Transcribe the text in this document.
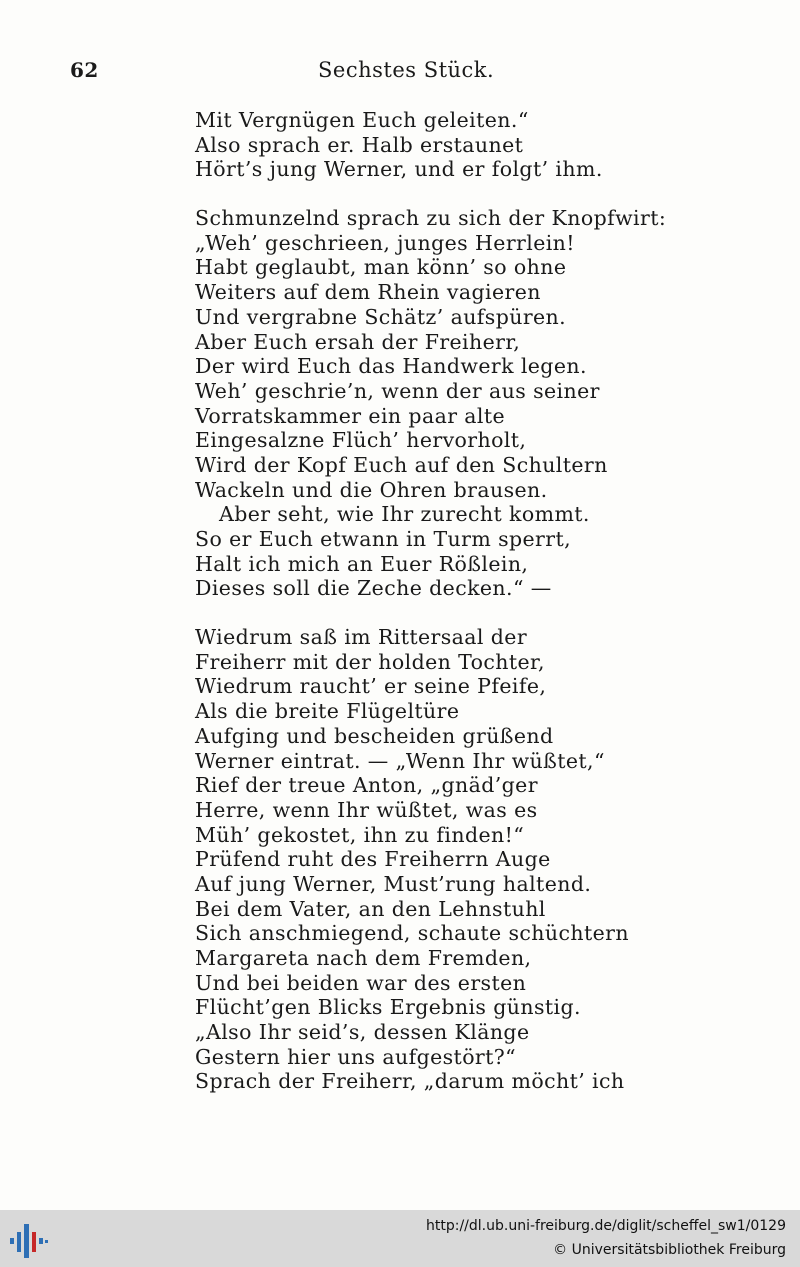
62	Sechstes Stück.
Mit Vergnügen Euch geleiten.“
Also sprach er. Halb erstaunet
Hört’s jung Werner, und er folgt’ ihm.
Schmunzelnd sprach zu sich der Knopfwirt:
„Weh’ geschrieen, junges Herrlein!
Habt geglaubt, man könn’ so ohne
Weiters auf dem Rhein vagieren
Und vergrabne Schätz’ aufspüren.
Aber Euch ersah der Freiherr,
Der wird Euch das Handwerk legen.
Weh’ geschrie’n, wenn der aus seiner
Vorratskammer ein paar alte
Eingesalzne Flüch’ hervorholt,
Wird der Kopf Euch auf den Schultern
Wackeln und die Ohren brausen.
Aber seht, wie Ihr zurecht kommt.
So er Euch etwann in Turm sperrt,
Halt ich mich an Euer Rößlein,
Dieses soll die Zeche decken.“ —
Wiedrum saß im Rittersaal der
Freiherr mit der holden Tochter,
Wiedrum raucht’ er seine Pfeife,
Als die breite Flügeltüre
Aufging und bescheiden grüßend
Werner eintrat. — „Wenn Ihr wüßtet,“
Rief der treue Anton, „gnäd’ger
Herre, wenn Ihr wüßtet, was es
Müh’ gekostet, ihn zu finden!“
Prüfend ruht des Freiherrn Auge
Auf jung Werner, Must’rung haltend.
Bei dem Vater, an den Lehnstuhl
Sich anschmiegend, schaute schüchtern
Margareta nach dem Fremden,
Und bei beiden war des ersten
Flücht’gen Blicks Ergebnis günstig.
„Also Ihr seid’s, dessen Klänge
Gestern hier uns aufgestört?“
Sprach der Freiherr, „darum möcht’ ich
http://dl.ub.uni-freiburg.de/diglit/scheffel_sw1/0129
© Universitätsbibliothek Freiburg
